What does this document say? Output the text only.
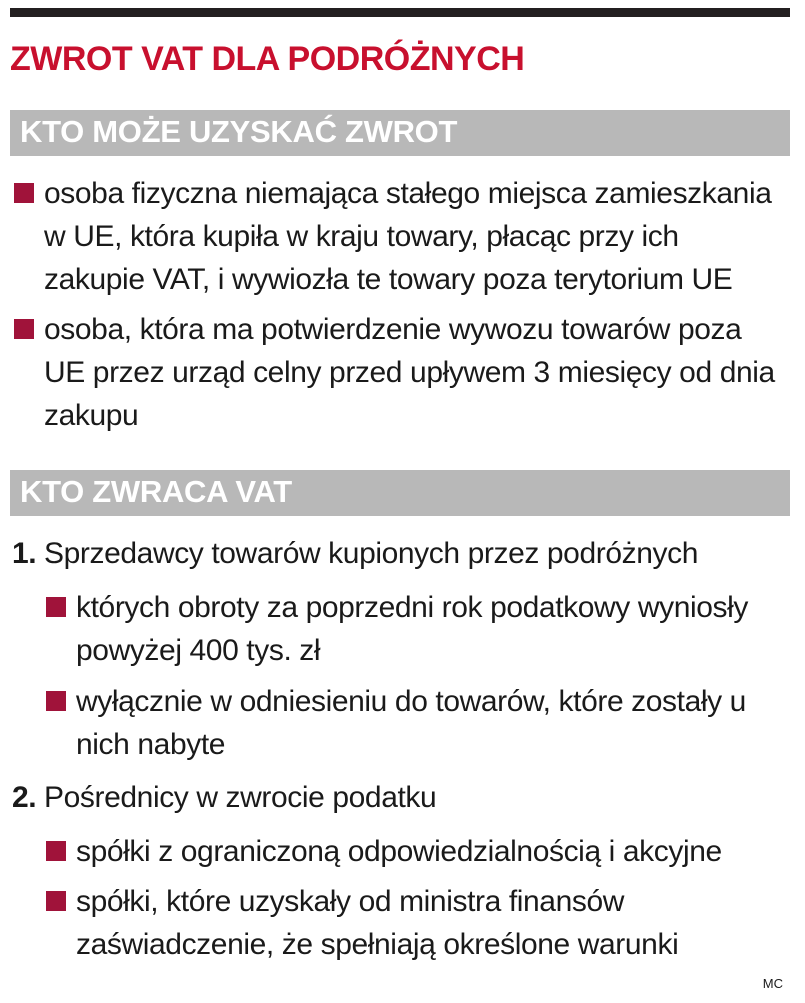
ZWROT VAT DLA PODRÓŻNYCH
KTO MOŻE UZYSKAĆ ZWROT
osoba fizyczna niemająca stałego miejsca zamieszkania w UE, która kupiła w kraju towary, płacąc przy ich zakupie VAT, i wywiozła te towary poza terytorium UE
osoba, która ma potwierdzenie wywozu towarów poza UE przez urząd celny przed upływem 3 miesięcy od dnia zakupu
KTO ZWRACA VAT
1. Sprzedawcy towarów kupionych przez podróżnych
których obroty za poprzedni rok podatkowy wyniosły powyżej 400 tys. zł
wyłącznie w odniesieniu do towarów, które zostały u nich nabyte
2. Pośrednicy w zwrocie podatku
spółki z ograniczoną odpowiedzialnością i akcyjne
spółki, które uzyskały od ministra finansów zaświadczenie, że spełniają określone warunki
MC
